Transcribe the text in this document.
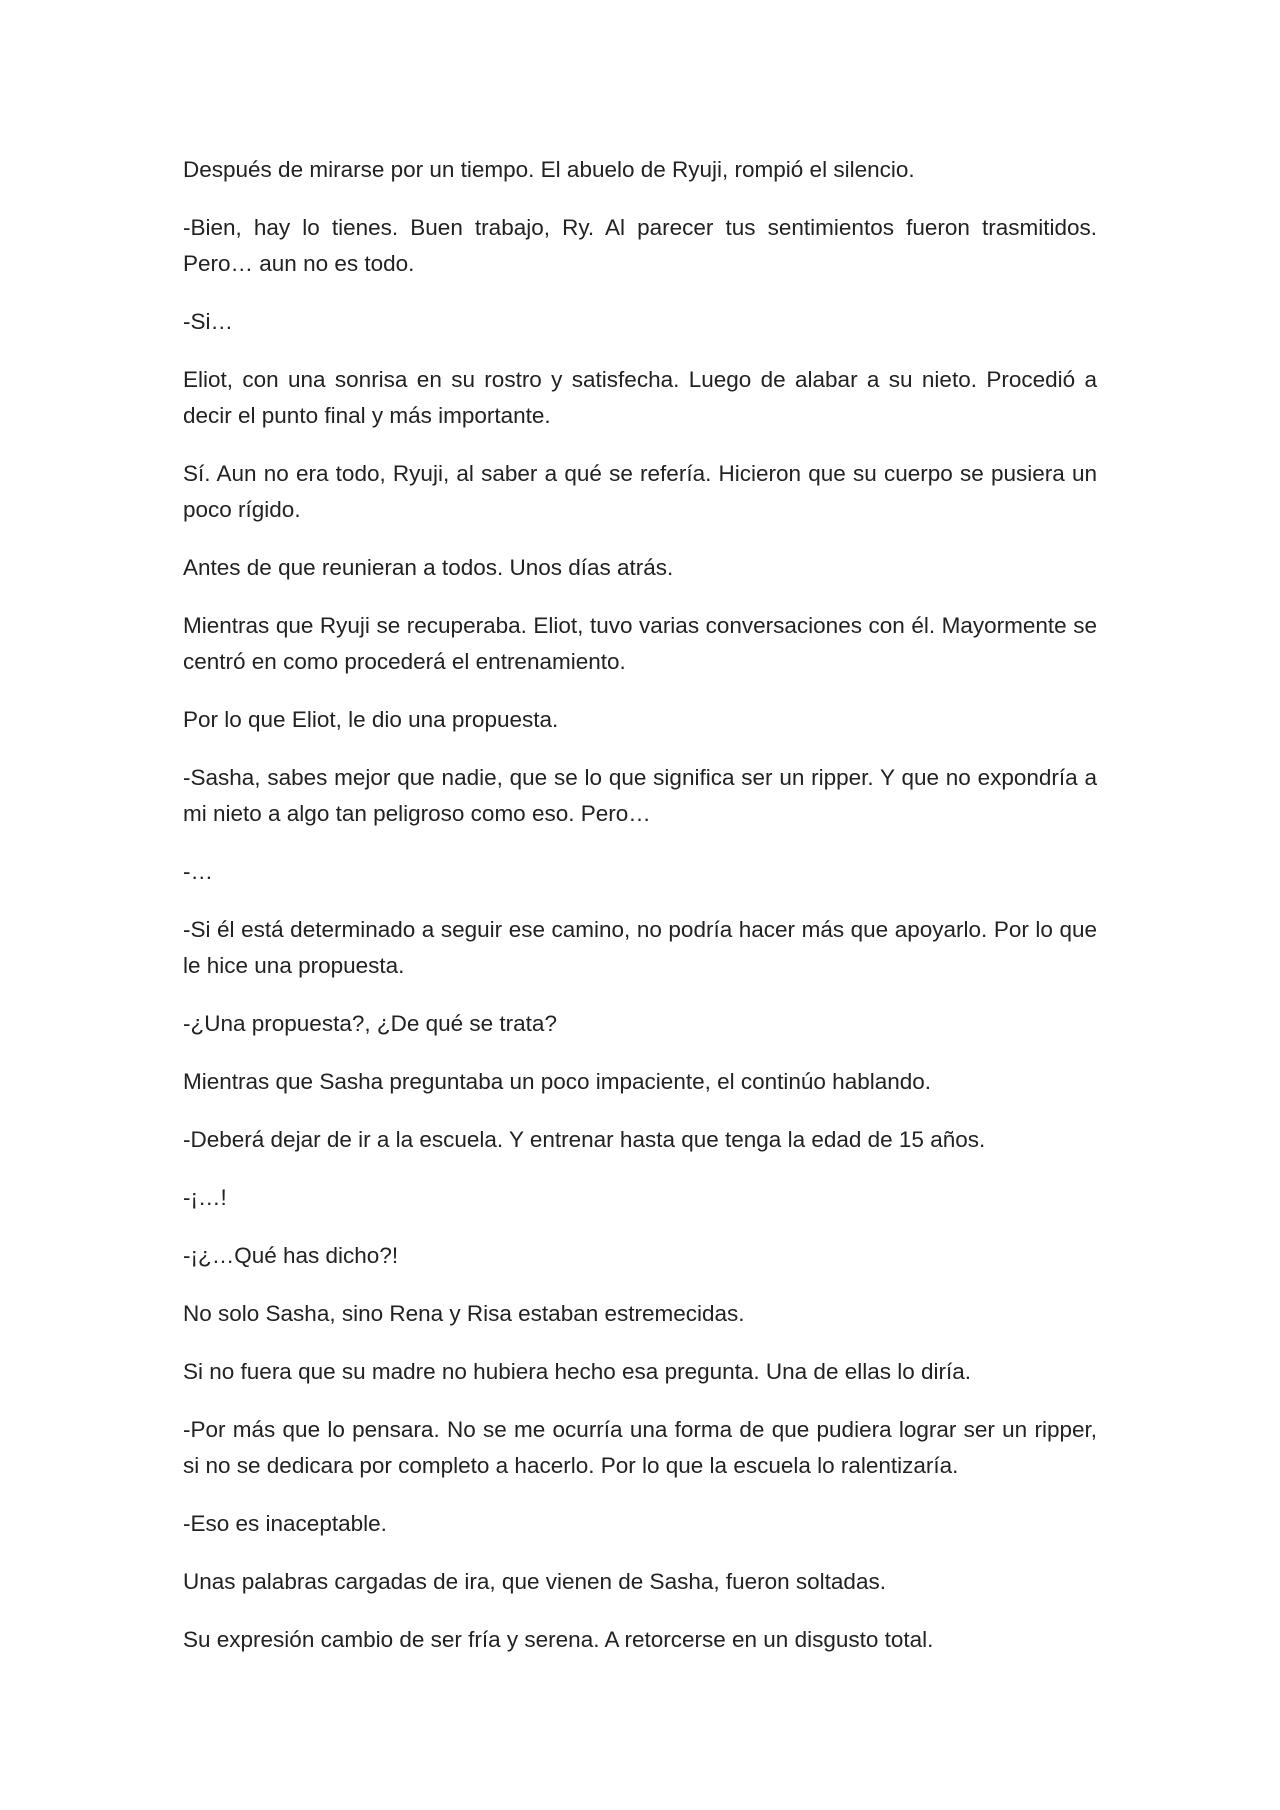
Después de mirarse por un tiempo. El abuelo de Ryuji, rompió el silencio.

-Bien, hay lo tienes. Buen trabajo, Ry. Al parecer tus sentimientos fueron trasmitidos. Pero… aun no es todo.

-Si…

Eliot, con una sonrisa en su rostro y satisfecha. Luego de alabar a su nieto. Procedió a decir el punto final y más importante.

Sí. Aun no era todo, Ryuji, al saber a qué se refería. Hicieron que su cuerpo se pusiera un poco rígido.

Antes de que reunieran a todos. Unos días atrás.

Mientras que Ryuji se recuperaba. Eliot, tuvo varias conversaciones con él. Mayormente se centró en como procederá el entrenamiento.

Por lo que Eliot, le dio una propuesta.

-Sasha, sabes mejor que nadie, que se lo que significa ser un ripper. Y que no expondría a mi nieto a algo tan peligroso como eso. Pero…

-…

-Si él está determinado a seguir ese camino, no podría hacer más que apoyarlo. Por lo que le hice una propuesta.

-¿Una propuesta?, ¿De qué se trata?

Mientras que Sasha preguntaba un poco impaciente, el continúo hablando.

-Deberá dejar de ir a la escuela. Y entrenar hasta que tenga la edad de 15 años.

-¡…!

-¡¿…Qué has dicho?!

No solo Sasha, sino Rena y Risa estaban estremecidas.

Si no fuera que su madre no hubiera hecho esa pregunta. Una de ellas lo diría.

-Por más que lo pensara. No se me ocurría una forma de que pudiera lograr ser un ripper, si no se dedicara por completo a hacerlo. Por lo que la escuela lo ralentizaría.

-Eso es inaceptable.

Unas palabras cargadas de ira, que vienen de Sasha, fueron soltadas.

Su expresión cambio de ser fría y serena. A retorcerse en un disgusto total.
